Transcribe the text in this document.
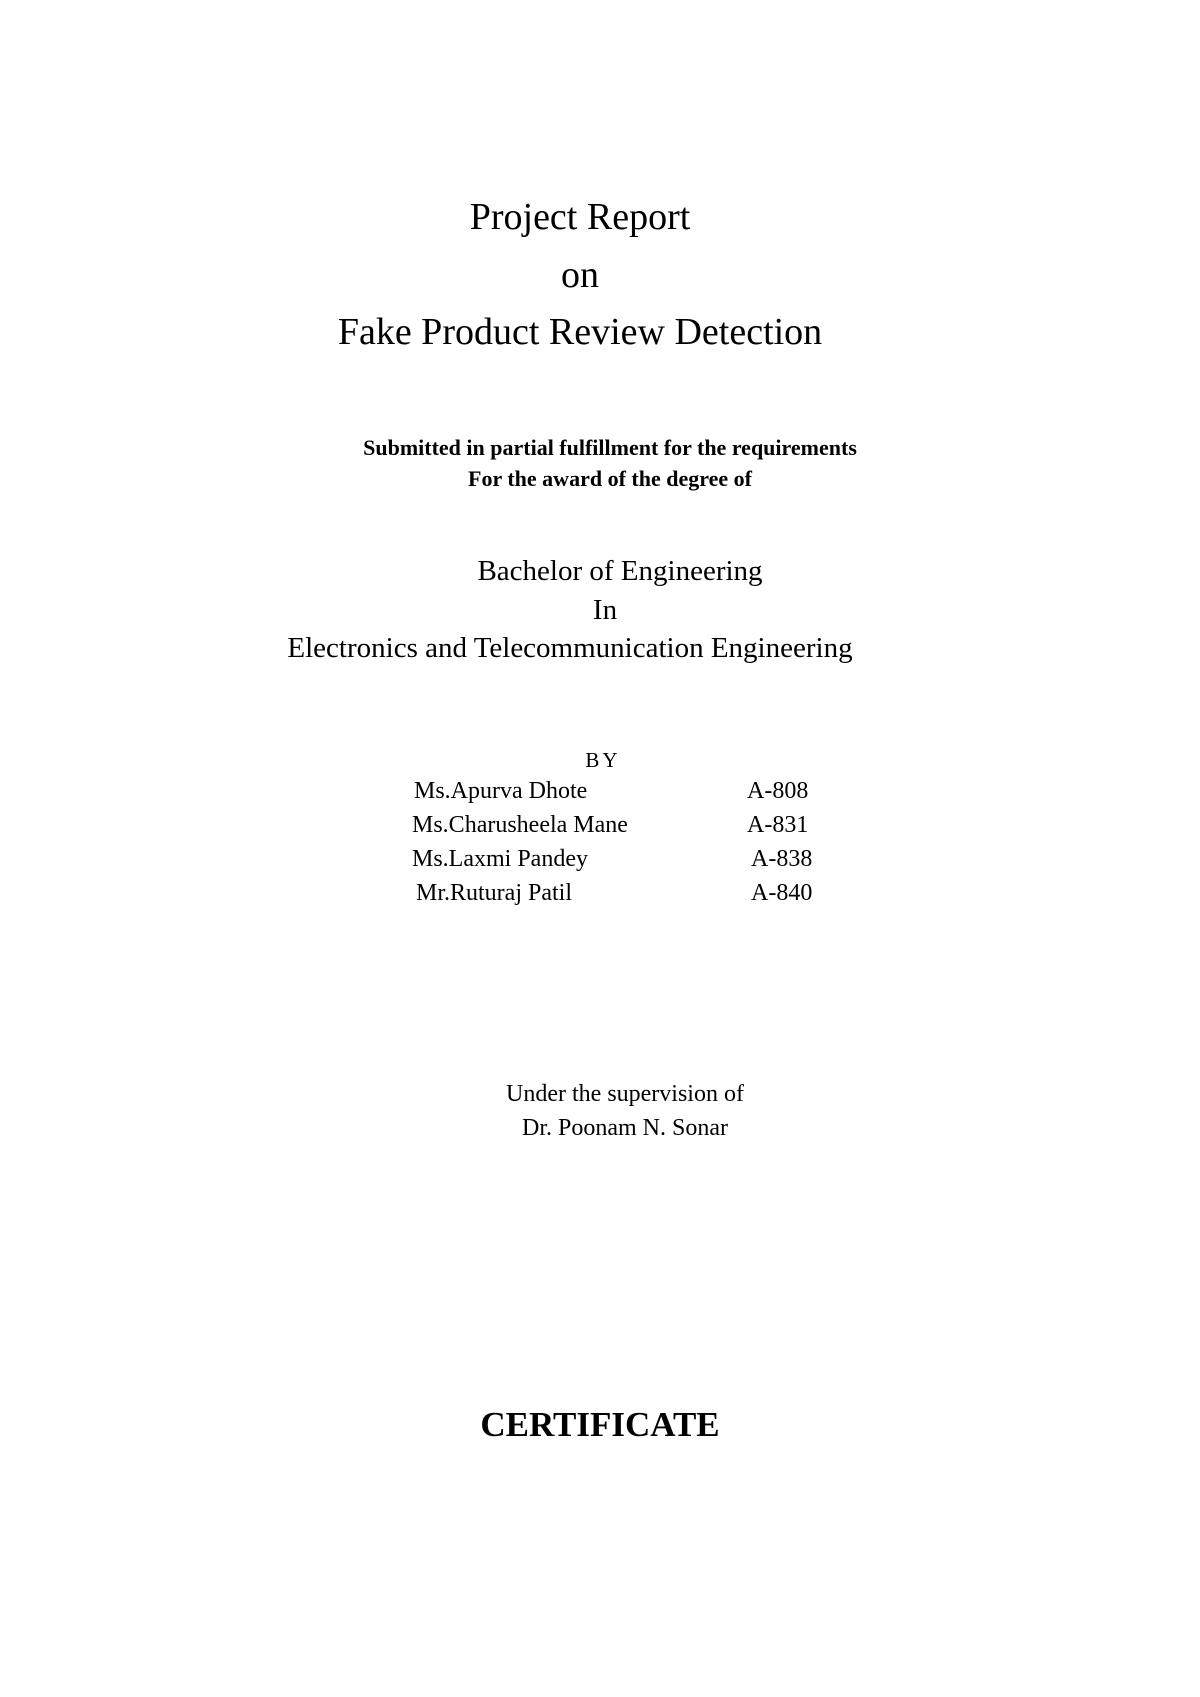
Project Report
on
Fake Product Review Detection
Submitted in partial fulfillment for the requirements
For the award of the degree of
Bachelor of Engineering
In
Electronics and Telecommunication Engineering
BY
Ms.Apurva Dhote	A-808
Ms.Charusheela Mane	A-831
Ms.Laxmi Pandey	A-838
Mr.Ruturaj Patil	A-840
Under the supervision of
Dr. Poonam N. Sonar
CERTIFICATE
